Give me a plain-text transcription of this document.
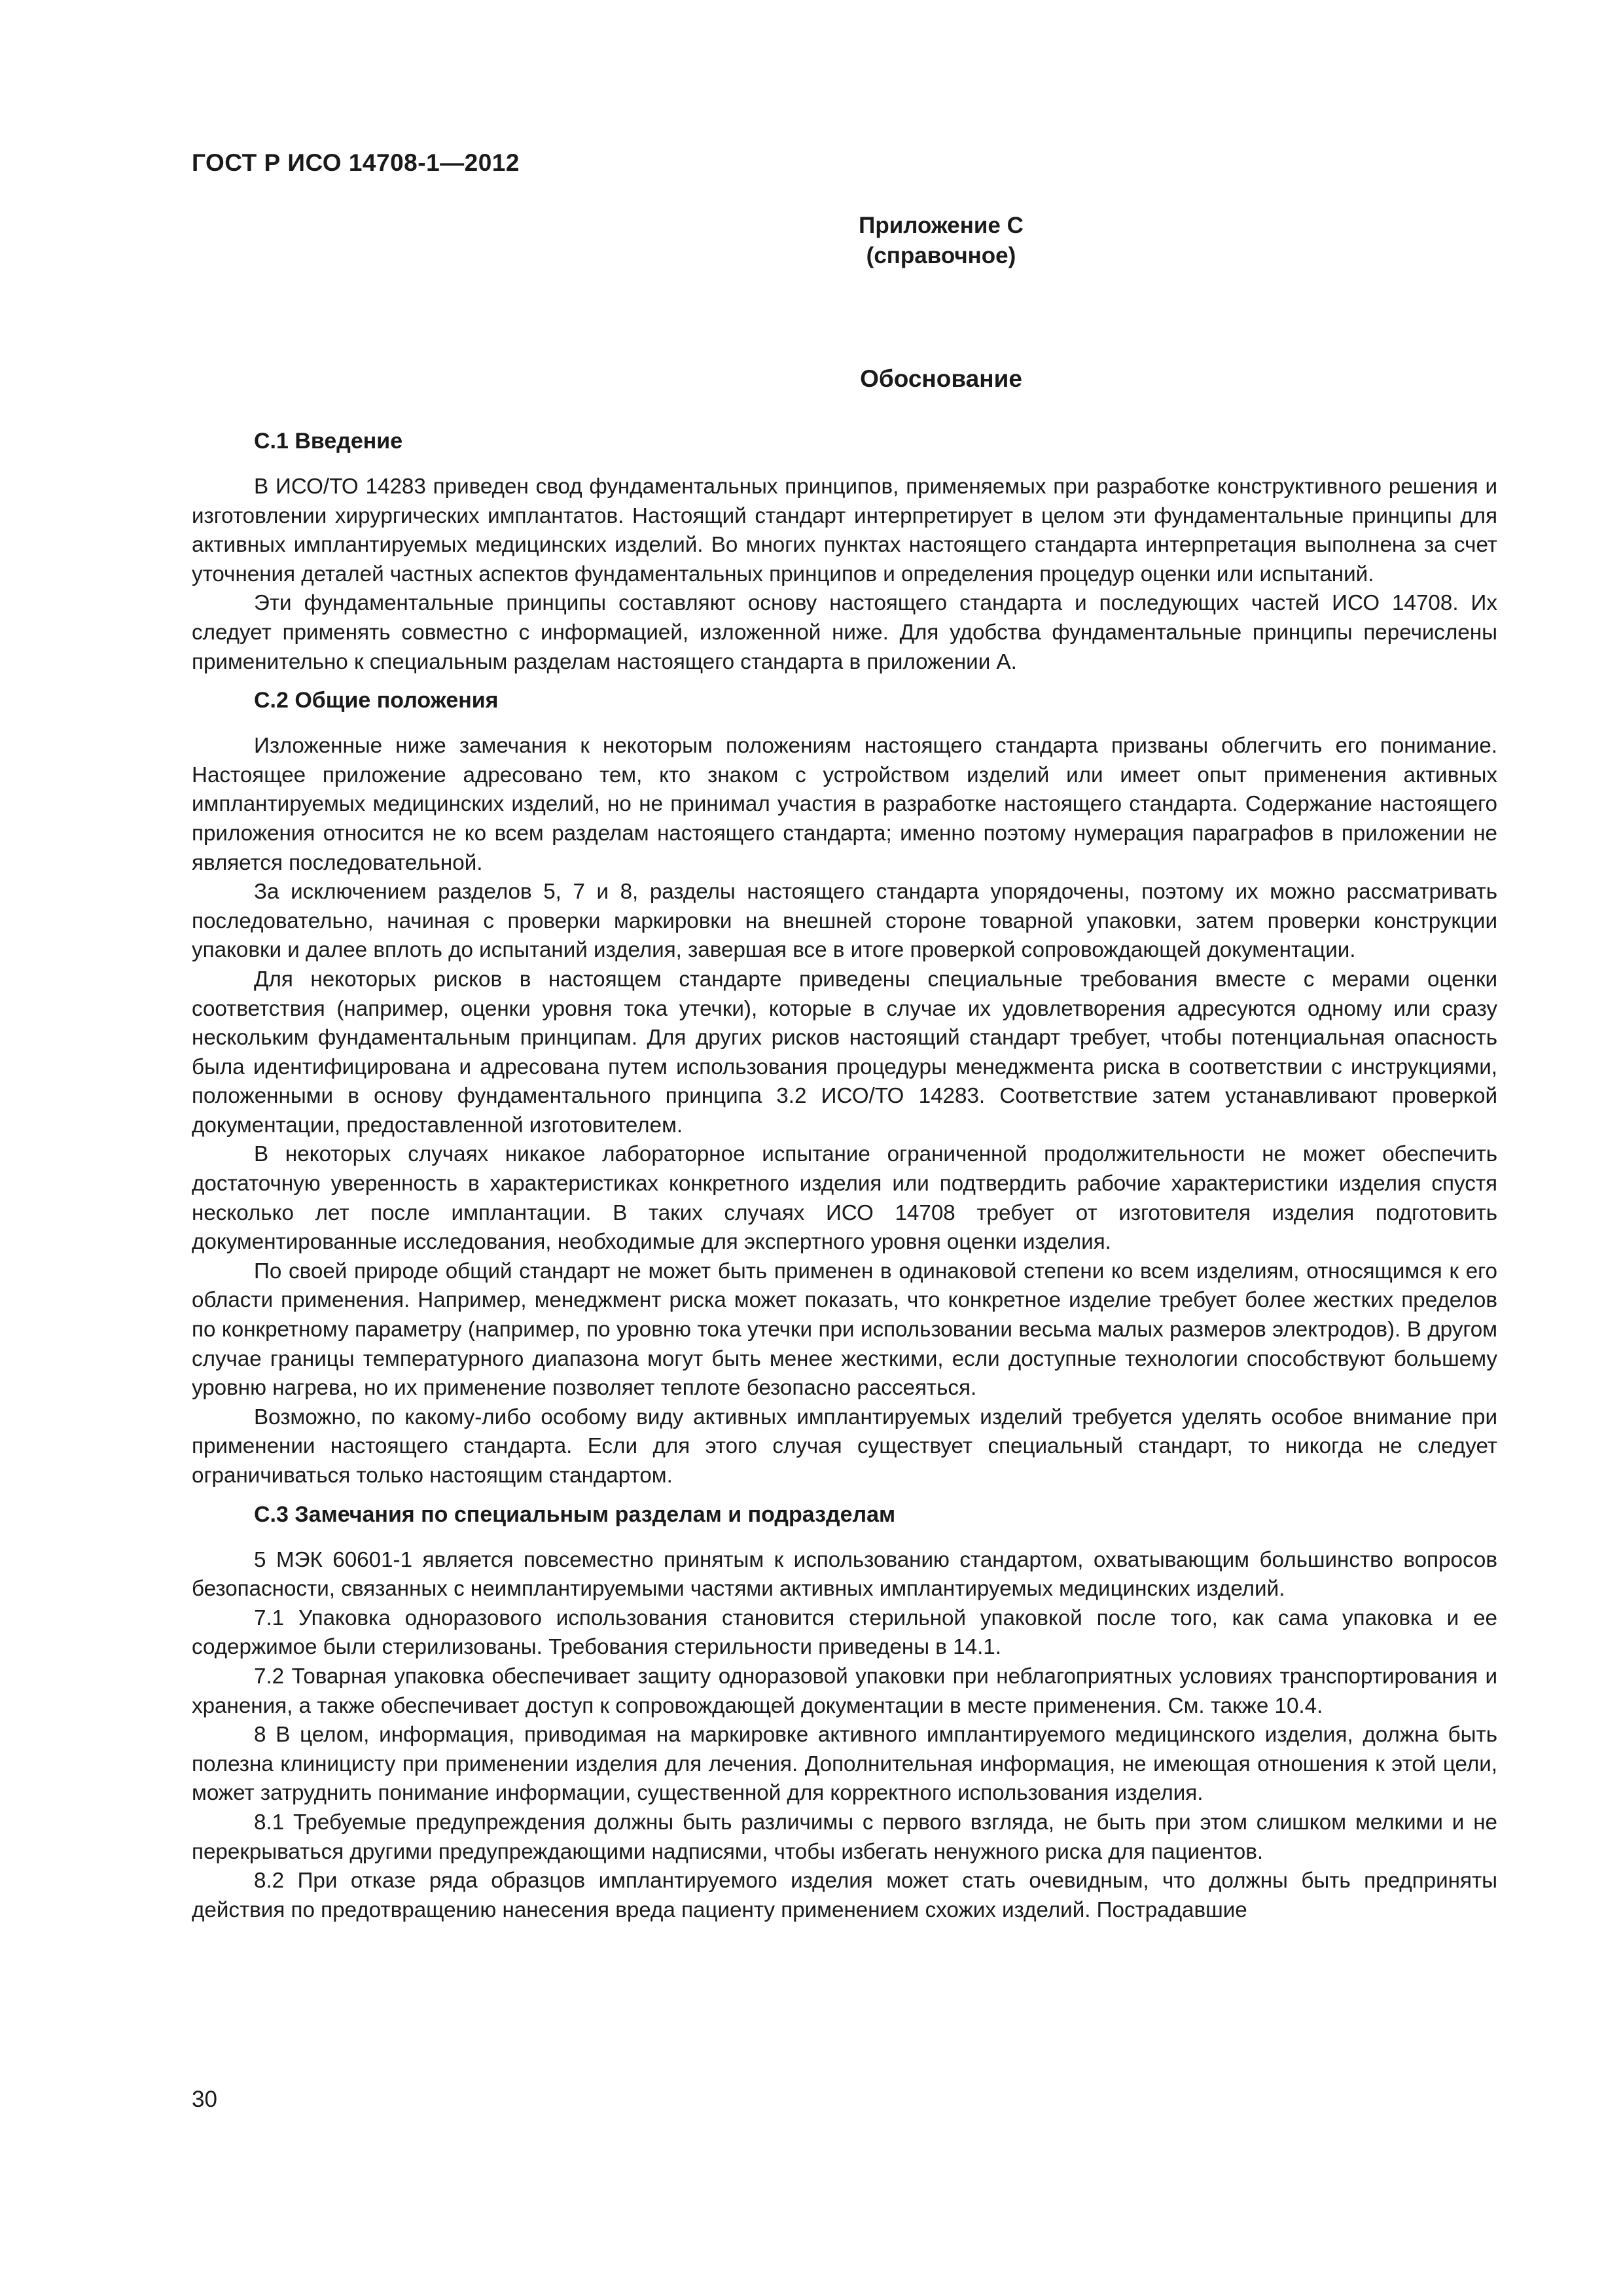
ГОСТ Р ИСО 14708-1—2012
Приложение С
(справочное)
Обоснование
С.1 Введение

В ИСО/ТО 14283 приведен свод фундаментальных принципов, применяемых при разработке конструктивного решения и изготовлении хирургических имплантатов. Настоящий стандарт интерпретирует в целом эти фундаментальные принципы для активных имплантируемых медицинских изделий. Во многих пунктах настоящего стандарта интерпретация выполнена за счет уточнения деталей частных аспектов фундаментальных принципов и определения процедур оценки или испытаний.

Эти фундаментальные принципы составляют основу настоящего стандарта и последующих частей ИСО 14708. Их следует применять совместно с информацией, изложенной ниже. Для удобства фундаментальные принципы перечислены применительно к специальным разделам настоящего стандарта в приложении А.

С.2 Общие положения

Изложенные ниже замечания к некоторым положениям настоящего стандарта призваны облегчить его понимание. Настоящее приложение адресовано тем, кто знаком с устройством изделий или имеет опыт применения активных имплантируемых медицинских изделий, но не принимал участия в разработке настоящего стандарта. Содержание настоящего приложения относится не ко всем разделам настоящего стандарта; именно поэтому нумерация параграфов в приложении не является последовательной.

За исключением разделов 5, 7 и 8, разделы настоящего стандарта упорядочены, поэтому их можно рассматривать последовательно, начиная с проверки маркировки на внешней стороне товарной упаковки, затем проверки конструкции упаковки и далее вплоть до испытаний изделия, завершая все в итоге проверкой сопровождающей документации.

Для некоторых рисков в настоящем стандарте приведены специальные требования вместе с мерами оценки соответствия (например, оценки уровня тока утечки), которые в случае их удовлетворения адресуются одному или сразу нескольким фундаментальным принципам. Для других рисков настоящий стандарт требует, чтобы потенциальная опасность была идентифицирована и адресована путем использования процедуры менеджмента риска в соответствии с инструкциями, положенными в основу фундаментального принципа 3.2 ИСО/ТО 14283. Соответствие затем устанавливают проверкой документации, предоставленной изготовителем.

В некоторых случаях никакое лабораторное испытание ограниченной продолжительности не может обеспечить достаточную уверенность в характеристиках конкретного изделия или подтвердить рабочие характеристики изделия спустя несколько лет после имплантации. В таких случаях ИСО 14708 требует от изготовителя изделия подготовить документированные исследования, необходимые для экспертного уровня оценки изделия.

По своей природе общий стандарт не может быть применен в одинаковой степени ко всем изделиям, относящимся к его области применения. Например, менеджмент риска может показать, что конкретное изделие требует более жестких пределов по конкретному параметру (например, по уровню тока утечки при использовании весьма малых размеров электродов). В другом случае границы температурного диапазона могут быть менее жесткими, если доступные технологии способствуют большему уровню нагрева, но их применение позволяет теплоте безопасно рассеяться.

Возможно, по какому-либо особому виду активных имплантируемых изделий требуется уделять особое внимание при применении настоящего стандарта. Если для этого случая существует специальный стандарт, то никогда не следует ограничиваться только настоящим стандартом.

С.3 Замечания по специальным разделам и подразделам

5 МЭК 60601-1 является повсеместно принятым к использованию стандартом, охватывающим большинство вопросов безопасности, связанных с неимплантируемыми частями активных имплантируемых медицинских изделий.

7.1 Упаковка одноразового использования становится стерильной упаковкой после того, как сама упаковка и ее содержимое были стерилизованы. Требования стерильности приведены в 14.1.

7.2 Товарная упаковка обеспечивает защиту одноразовой упаковки при неблагоприятных условиях транспортирования и хранения, а также обеспечивает доступ к сопровождающей документации в месте применения. См. также 10.4.

8 В целом, информация, приводимая на маркировке активного имплантируемого медицинского изделия, должна быть полезна клиницисту при применении изделия для лечения. Дополнительная информация, не имеющая отношения к этой цели, может затруднить понимание информации, существенной для корректного использования изделия.

8.1 Требуемые предупреждения должны быть различимы с первого взгляда, не быть при этом слишком мелкими и не перекрываться другими предупреждающими надписями, чтобы избегать ненужного риска для пациентов.

8.2 При отказе ряда образцов имплантируемого изделия может стать очевидным, что должны быть предприняты действия по предотвращению нанесения вреда пациенту применением схожих изделий. Пострадавшие

30
